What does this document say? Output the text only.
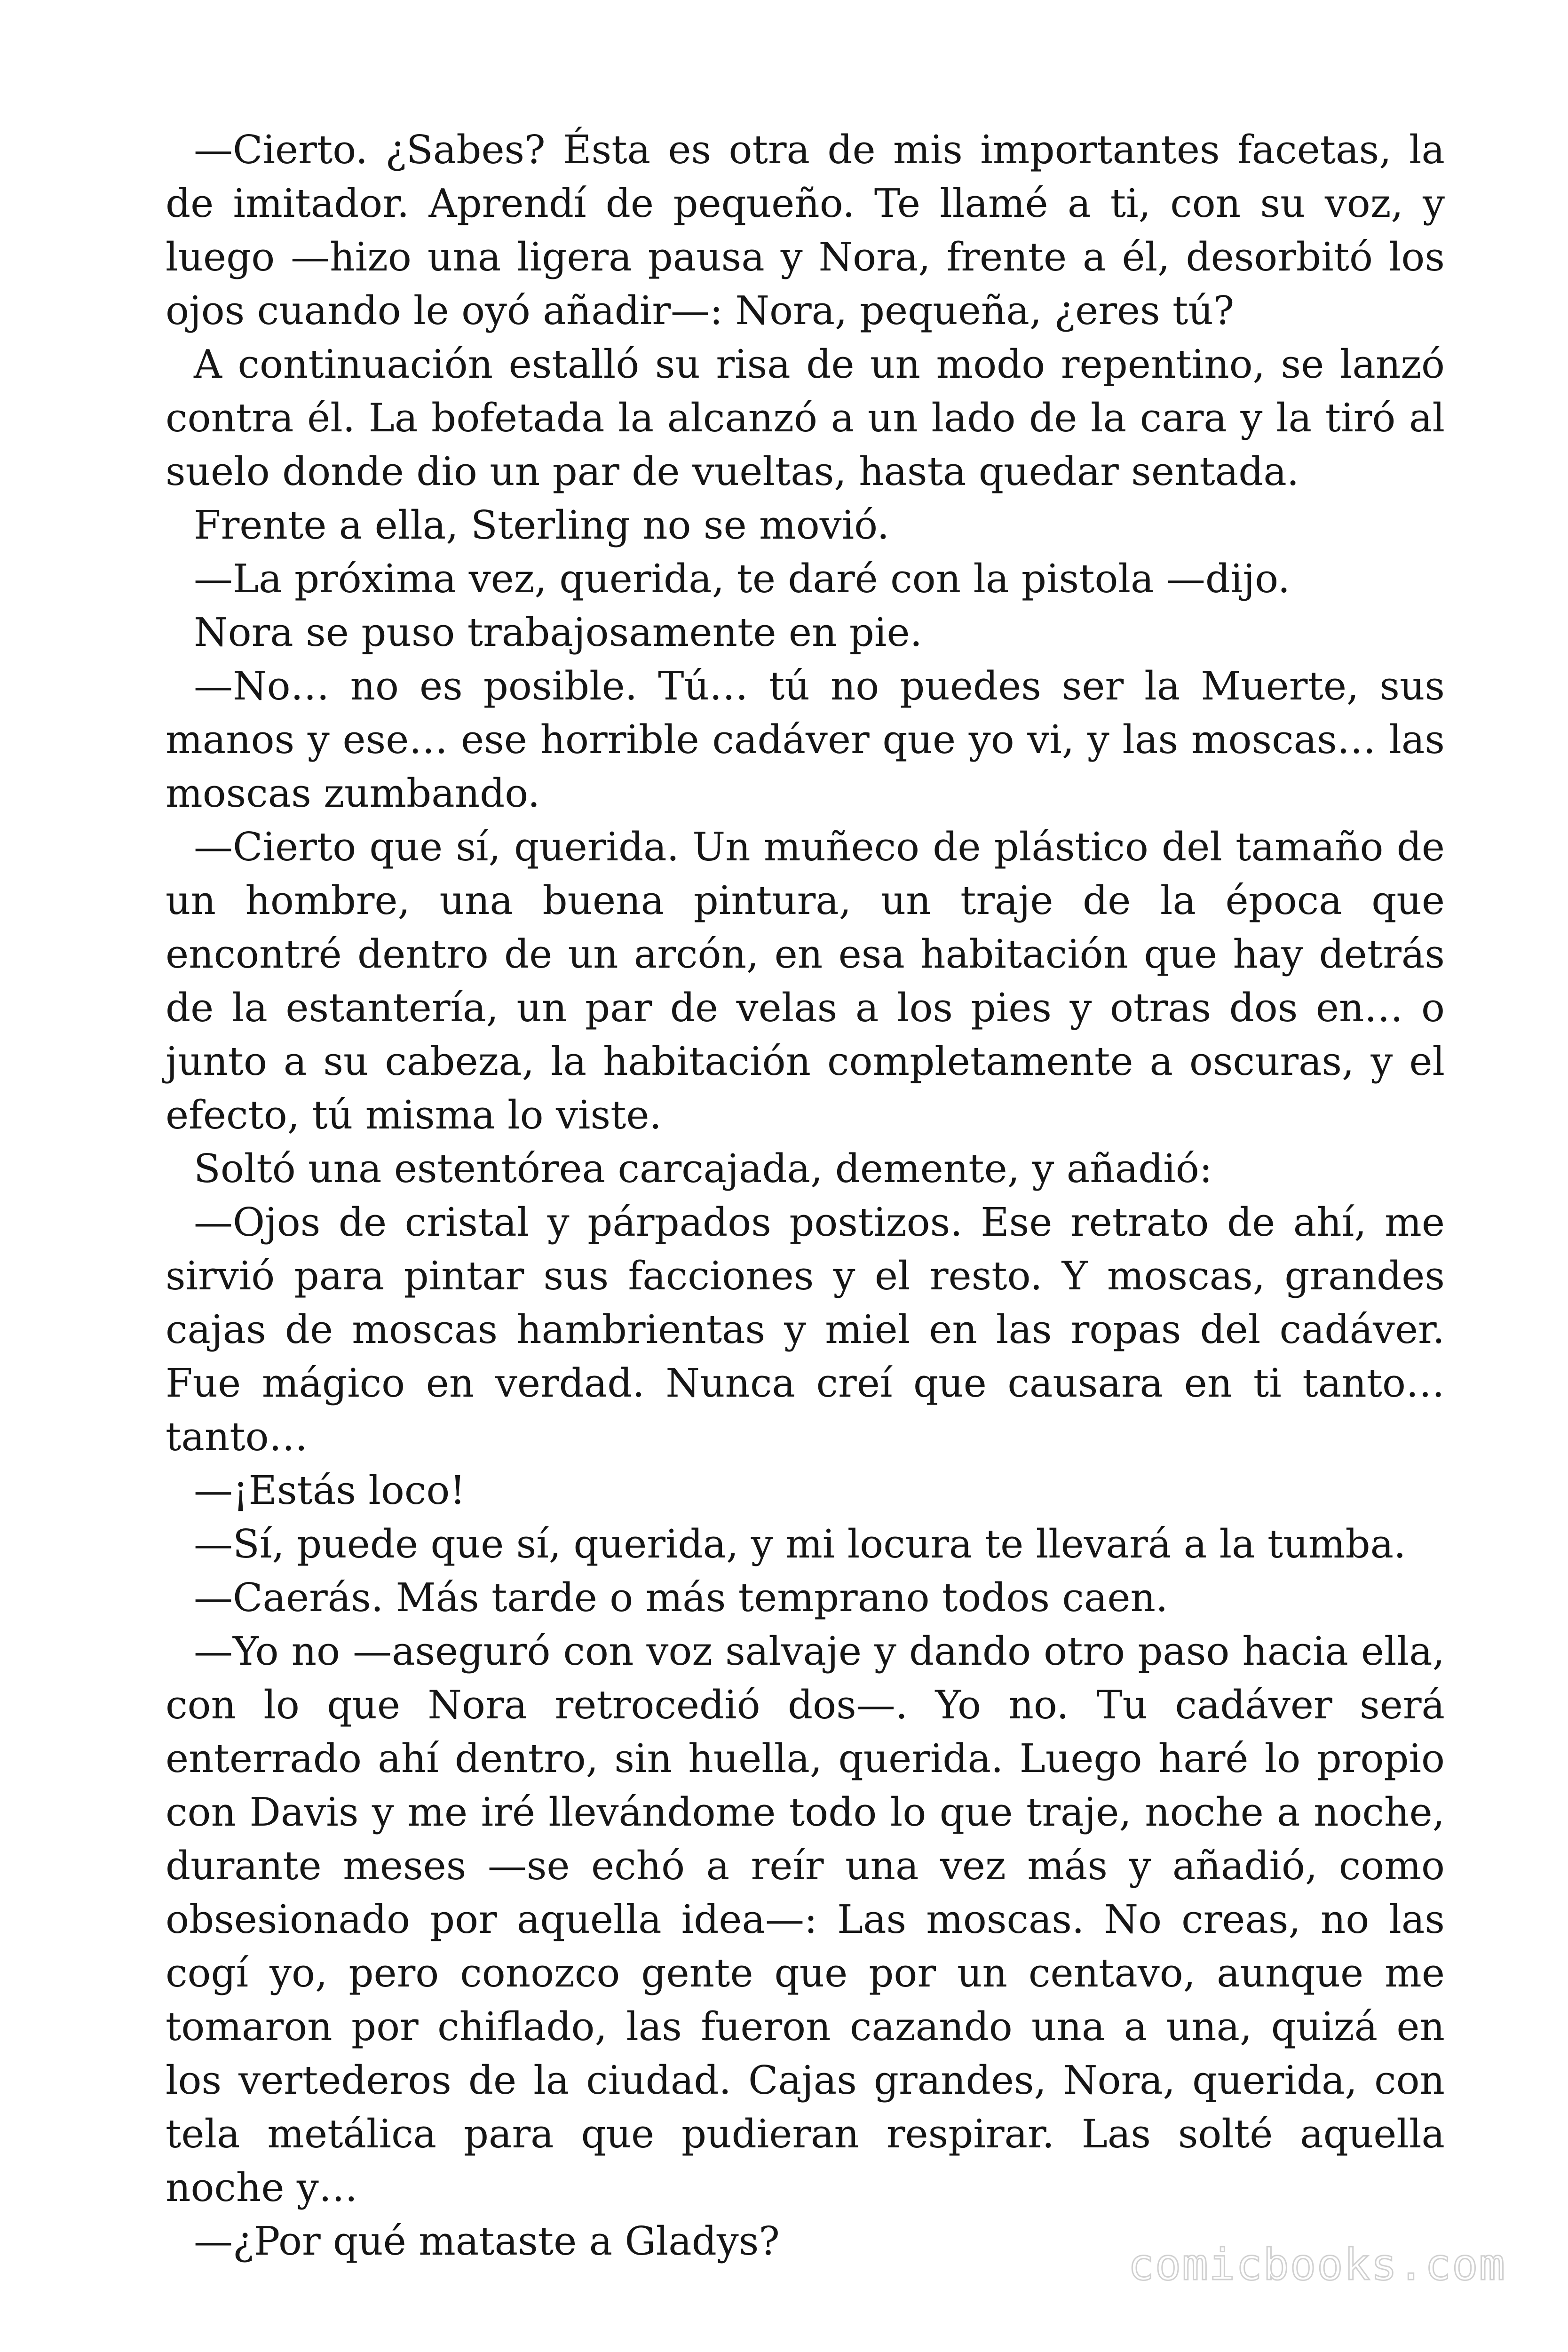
—Cierto. ¿Sabes? Ésta es otra de mis importantes facetas, la de imitador. Aprendí de pequeño. Te llamé a ti, con su voz, y luego —hizo una ligera pausa y Nora, frente a él, desorbitó los ojos cuando le oyó añadir—: Nora, pequeña, ¿eres tú?

A continuación estalló su risa de un modo repentino, se lanzó contra él. La bofetada la alcanzó a un lado de la cara y la tiró al suelo donde dio un par de vueltas, hasta quedar sentada.

Frente a ella, Sterling no se movió.

—La próxima vez, querida, te daré con la pistola —dijo.

Nora se puso trabajosamente en pie.

—No… no es posible. Tú… tú no puedes ser la Muerte, sus manos y ese… ese horrible cadáver que yo vi, y las moscas… las moscas zumbando.

—Cierto que sí, querida. Un muñeco de plástico del tamaño de un hombre, una buena pintura, un traje de la época que encontré dentro de un arcón, en esa habitación que hay detrás de la estantería, un par de velas a los pies y otras dos en… o junto a su cabeza, la habitación completamente a oscuras, y el efecto, tú misma lo viste.

Soltó una estentórea carcajada, demente, y añadió:

—Ojos de cristal y párpados postizos. Ese retrato de ahí, me sirvió para pintar sus facciones y el resto. Y moscas, grandes cajas de moscas hambrientas y miel en las ropas del cadáver. Fue mágico en verdad. Nunca creí que causara en ti tanto… tanto…

—¡Estás loco!

—Sí, puede que sí, querida, y mi locura te llevará a la tumba.

—Caerás. Más tarde o más temprano todos caen.

—Yo no —aseguró con voz salvaje y dando otro paso hacia ella, con lo que Nora retrocedió dos—. Yo no. Tu cadáver será enterrado ahí dentro, sin huella, querida. Luego haré lo propio con Davis y me iré llevándome todo lo que traje, noche a noche, durante meses —se echó a reír una vez más y añadió, como obsesionado por aquella idea—: Las moscas. No creas, no las cogí yo, pero conozco gente que por un centavo, aunque me tomaron por chiflado, las fueron cazando una a una, quizá en los vertederos de la ciudad. Cajas grandes, Nora, querida, con tela metálica para que pudieran respirar. Las solté aquella noche y…

—¿Por qué mataste a Gladys?	comicbooks.com
